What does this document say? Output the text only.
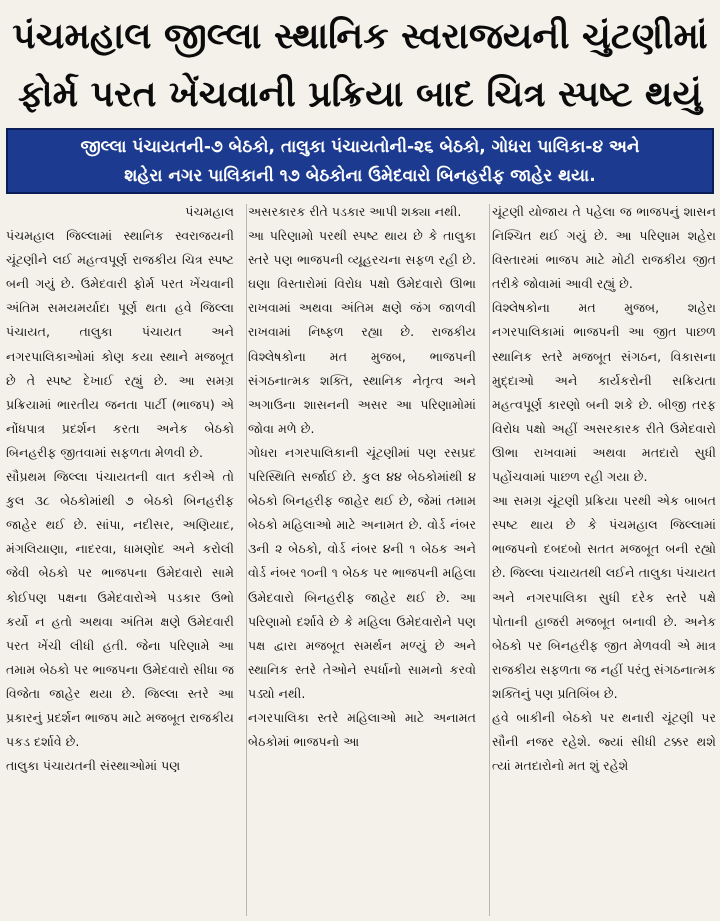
પંચમહાલ જીલ્લા સ્થાનિક સ્વરાજયની ચુંટણીમાં
ફોર્મ પરત ખેંચવાની પ્રક્રિયા બાદ ચિત્ર સ્પષ્ટ થયું
જીલ્લા પંચાયતની-૭ બેઠકો, તાલુકા પંચાયતોની-૨૬ બેઠકો, ગોધરા પાલિકા-૪ અને
શહેરા નગર પાલિકાની ૧૭ બેઠકોના ઉમેદવારો બિનહરીફ જાહેર થયા.
પંચમહાલ

પંચમહાલ જિલ્લામાં સ્થાનિક સ્વરાજયની ચૂંટણીને લઈ મહત્વપૂર્ણ રાજકીય ચિત્ર સ્પષ્ટ બની ગયું છે. ઉમેદવારી ફોર્મ પરત ખેંચવાની અંતિમ સમયમર્યાદા પૂર્ણ થતા હવે જિલ્લા પંચાયત, તાલુકા પંચાયત અને નગરપાલિકાઓમાં કોણ કયા સ્થાને મજબૂત છે તે સ્પષ્ટ દેખાઈ રહ્યું છે. આ સમગ્ર પ્રક્રિયામાં ભારતીય જનતા પાર્ટી (ભાજપ) એ નોંધપાત્ર પ્રદર્શન કરતા અનેક બેઠકો બિનહરીફ જીતવામાં સફળતા મેળવી છે.

સૌપ્રથમ જિલ્લા પંચાયતની વાત કરીએ તો કુલ ૩૮ બેઠકોમાંથી ૭ બેઠકો બિનહરીફ જાહેર થઈ છે. સાંપા, નદીસર, અણિયાદ, મંગલિયાણા, નાદરવા, ધામણોદ અને કરોલી જેવી બેઠકો પર ભાજપના ઉમેદવારો સામે કોઈપણ પક્ષના ઉમેદવારોએ પડકાર ઉભો કર્યો ન હતો અથવા અંતિમ ક્ષણે ઉમેદવારી પરત ખેંચી લીધી હતી. જેના પરિણામે આ તમામ બેઠકો પર ભાજપના ઉમેદવારો સીધા જ વિજેતા જાહેર થયા છે. જિલ્લા સ્તરે આ પ્રકારનું પ્રદર્શન ભાજપ માટે મજબૂત રાજકીય પકડ દર્શાવે છે.

તાલુકા પંચાયતની સંસ્થાઓમાં પણ

અસરકારક રીતે પડકાર આપી શક્યા નથી.

આ પરિણામો પરથી સ્પષ્ટ થાય છે કે તાલુકા સ્તરે પણ ભાજપની વ્યૂહરચના સફળ રહી છે. ઘણા વિસ્તારોમાં વિરોધ પક્ષો ઉમેદવારો ઊભા રાખવામાં અથવા અંતિમ ક્ષણે જંગ જાળવી રાખવામાં નિષ્ફળ રહ્યા છે. રાજકીય વિશ્લેષકોના મત મુજબ, ભાજપની સંગઠનાત્મક શક્તિ, સ્થાનિક નેતૃત્વ અને અગાઉના શાસનની અસર આ પરિણામોમાં જોવા મળે છે.

ગોધરા નગરપાલિકાની ચૂંટણીમાં પણ રસપ્રદ પરિસ્થિતિ સર્જાઈ છે. કુલ ૪૪ બેઠકોમાંથી ૪ બેઠકો બિનહરીફ જાહેર થઈ છે, જેમાં તમામ બેઠકો મહિલાઓ માટે અનામત છે. વોર્ડ નંબર ૩ની ૨ બેઠકો, વોર્ડ નંબર ૪ની ૧ બેઠક અને વોર્ડ નંબર ૧૦ની ૧ બેઠક પર ભાજપની મહિલા ઉમેદવારો બિનહરીફ જાહેર થઈ છે. આ પરિણામો દર્શાવે છે કે મહિલા ઉમેદવારોને પણ પક્ષ દ્વારા મજબૂત સમર્થન મળ્યું છે અને સ્થાનિક સ્તરે તેઓને સ્પર્ધાનો સામનો કરવો પડ્યો નથી.

નગરપાલિકા સ્તરે મહિલાઓ માટે અનામત બેઠકોમાં ભાજપનો આ

ચૂંટણી યોજાય તે પહેલા જ ભાજપનું શાસન નિશ્ચિત થઈ ગયું છે. આ પરિણામ શહેરા વિસ્તારમાં ભાજપ માટે મોટી રાજકીય જીત તરીકે જોવામાં આવી રહ્યું છે.

વિશ્લેષકોના મત મુજબ, શહેરા નગરપાલિકામાં ભાજપની આ જીત પાછળ સ્થાનિક સ્તરે મજબૂત સંગઠન, વિકાસના મુદ્દાઓ અને કાર્યકરોની સક્રિયતા મહત્વપૂર્ણ કારણો બની શકે છે. બીજી તરફ વિરોધ પક્ષો અહીં અસરકારક રીતે ઉમેદવારો ઊભા રાખવામાં અથવા મતદારો સુધી પહોંચવામાં પાછળ રહી ગયા છે.

આ સમગ્ર ચૂંટણી પ્રક્રિયા પરથી એક બાબત સ્પષ્ટ થાય છે કે પંચમહાલ જિલ્લામાં ભાજપનો દબદબો સતત મજબૂત બની રહ્યો છે. જિલ્લા પંચાયતથી લઈને તાલુકા પંચાયત અને નગરપાલિકા સુધી દરેક સ્તરે પક્ષે પોતાની હાજરી મજબૂત બનાવી છે. અનેક બેઠકો પર બિનહરીફ જીત મેળવવી એ માત્ર રાજકીય સફળતા જ નહીં પરંતુ સંગઠનાત્મક શક્તિનું પણ પ્રતિબિંબ છે.

હવે બાકીની બેઠકો પર થનારી ચૂંટણી પર સૌની નજર રહેશે. જ્યાં સીધી ટક્કર થશે ત્યાં મતદારોનો મત શું રહેશે
